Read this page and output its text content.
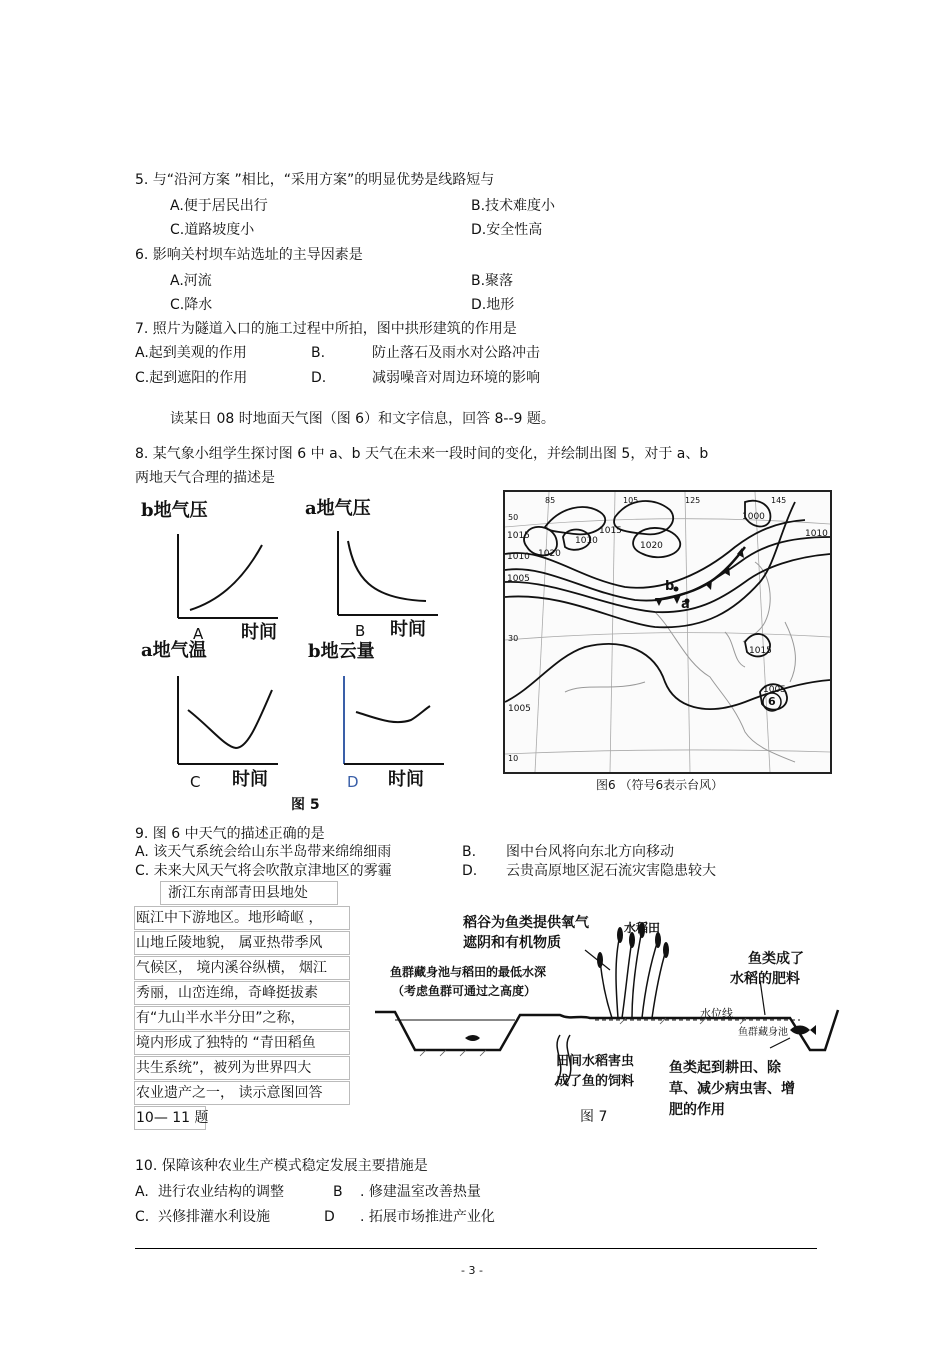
5. 与“沿河方案 ”相比，“采用方案”的明显优势是线路短与
A.便于居民出行	B.技术难度小
C.道路坡度小	D.安全性高
6. 影响关村坝车站选址的主导因素是
A.河流	B.聚落
C.降水	D.地形
7. 照片为隧道入口的施工过程中所拍，图中拱形建筑的作用是
A.起到美观的作用	B.	防止落石及雨水对公路冲击
C.起到遮阳的作用	D.	减弱噪音对周边环境的影响
读某日 08 时地面天气图（图 6）和文字信息，回答 8--9 题。
8. 某气象小组学生探讨图 6 中 a、b 天气在未来一段时间的变化，并绘制出图 5，对于 a、b
两地天气合理的描述是
b地气压
A 时间
a地气压
B 时间
a地气温
C 时间
b地云量
D 时间
图 5
85	105	125	145
50
30
10
1015
1010
1020
1015
1010
1005
1000
1010
1020
1015
1005
1005
a
b
6
图6 （符号6表示台风）
9. 图 6 中天气的描述正确的是
A. 该天气系统会给山东半岛带来绵绵细雨	B. 图中台风将向东北方向移动
C. 未来大风天气将会吹散京津地区的雾霾	D. 云贵高原地区泥石流灾害隐患较大
浙江东南部青田县地处
瓯江中下游地区。地形崎岖 ，
山地丘陵地貌， 属亚热带季风
气候区， 境内溪谷纵横， 烟江
秀丽，山峦连绵，奇峰挺拔素
有“九山半水半分田”之称，
境内形成了独特的 “青田稻鱼
共生系统”，被列为世界四大
农业遗产之一， 读示意图回答
10— 11 题
稻谷为鱼类提供氧气
遮阴和有机物质
水稻田
鱼类成了
水稻的肥料
鱼群藏身池与稻田的最低水深
（考虑鱼群可通过之高度）
水位线
鱼群藏身池
田间水稻害虫
成了鱼的饲料
鱼类起到耕田、除
草、减少病虫害、增
肥的作用
图 7
10. 保障该种农业生产模式稳定发展主要措施是
A. 进行农业结构的调整	B . 修建温室改善热量
C. 兴修排灌水利设施	D . 拓展市场推进产业化
- 3 -
